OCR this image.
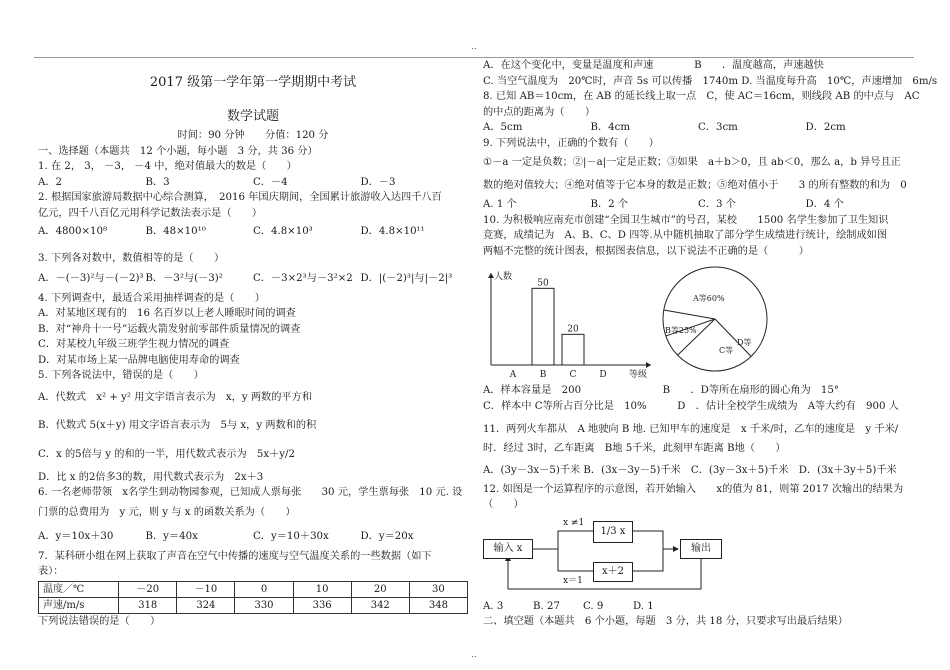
..
2017 级第一学年第一学期期中考试
数学试题
时间：90 分钟　　分值：120 分
一、选择题（本题共　12 个小题，每小题　3 分，共 36 分）
1. 在 2， 3， －3， －4 中，绝对值最大的数是（　　）
A．2	B．3	C．－4	D．－3
2. 根据国家旅游局数据中心综合测算，　2016 年国庆期间，全国累计旅游收入达四千八百
亿元，四千八百亿元用科学记数法表示是（　　）
A．4800×10⁸	B．48×10¹⁰	C．4.8×10³	D．4.8×10¹¹
3. 下列各对数中，数值相等的是（　　）
A．－(－3)²与－(－2)³ B．－3²与(－3)²	C．－3×2³与－3²×2 D．|(－2)³|与|－2|³
4. 下列调查中，最适合采用抽样调查的是（　　）
A．对某地区现有的　16 名百岁以上老人睡眠时间的调查
B．对“神舟十一号”运载火箭发射前零部件质量情况的调查
C．对某校九年级三班学生视力情况的调查
D．对某市场上某一品牌电脑使用寿命的调查
5. 下列各说法中，错误的是（　　）
A．代数式　x² + y² 用文字语言表示为　x，y 两数的平方和
B．代数式 5(x＋y) 用文字语言表示为　5与 x，y 两数和的积
C．x 的5倍与 y 的和的一半，用代数式表示为　5x＋y/2
D．比 x 的2倍多3的数，用代数式表示为　2x＋3
6. 一名老师带领　x名学生到动物园参观，已知成人票每张　　30 元，学生票每张　10 元. 设
门票的总费用为　y 元，则 y 与 x 的函数关系为（　　）
A．y＝10x＋30	B．y＝40x	C．y＝10＋30x	D．y＝20x
7．某科研小组在网上获取了声音在空气中传播的速度与空气温度关系的一些数据（如下
表）：
温度／℃	－20	－10	0	10	20	30
声速/m/s	318	324	330	336	342	348
下列说法错误的是（　　）
A．在这个变化中，变量是温度和声速　　　　B　　．温度越高，声速越快
C. 当空气温度为　20℃时，声音 5s 可以传播　1740m D. 当温度每升高　10℃，声速增加　6m/s
8. 已知 AB＝10cm，在 AB 的延长线上取一点　C，使 AC＝16cm，则线段 AB 的中点与　AC
的中点的距离为（　　）
A．5cm	B．4cm	C．3cm	D．2cm
9. 下列说法中，正确的个数有（　　）
①－a 一定是负数；②|－a|一定是正数；③如果　a＋b＞0，且 ab＜0，那么 a，b 异号且正
数的绝对值较大；④绝对值等于它本身的数是正数；⑤绝对值小于　　3 的所有整数的和为　0
A. 1 个	B．2 个	C．3 个	D．4 个
10. 为积极响应南充市创建“全国卫生城市”的号召，某校　　1500 名学生参加了卫生知识
竞赛，成绩记为　A、B、C、D 四等.从中随机抽取了部分学生成绩进行统计，绘制成如图
两幅不完整的统计图表，根据图表信息，以下说法不正确的是（　　　）
人数
等级
A	B
50
C
20
D
A等60%
B等25%
C等
D等
A．样本容量是　200　　　　　　　　B　　．D等所在扇形的圆心角为　15°
C．样本中 C等所占百分比是　10%　　　D　．估计全校学生成绩为　A等大约有　900 人
11．两列火车都从　A 地驶向 B 地. 已知甲车的速度是　x 千米/时，乙车的速度是　y 千米/
时．经过 3时，乙车距离　B地 5千米，此刻甲车距离 B地（　　）
A．(3y－3x－5)千米 B．(3x－3y－5)千米　C．(3y－3x＋5)千米　D．(3x＋3y＋5)千米
12. 如图是一个运算程序的示意图，若开始输入　　x的值为 81，则第 2017 次输出的结果为
（　　）
输入 x
x ≠1
1/3 x
x＝1
x＋2
输出
A. 3	B. 27	C. 9	D. 1
二、填空题（本题共　6 个小题，每题　3 分，共 18 分，只要求写出最后结果）
..
